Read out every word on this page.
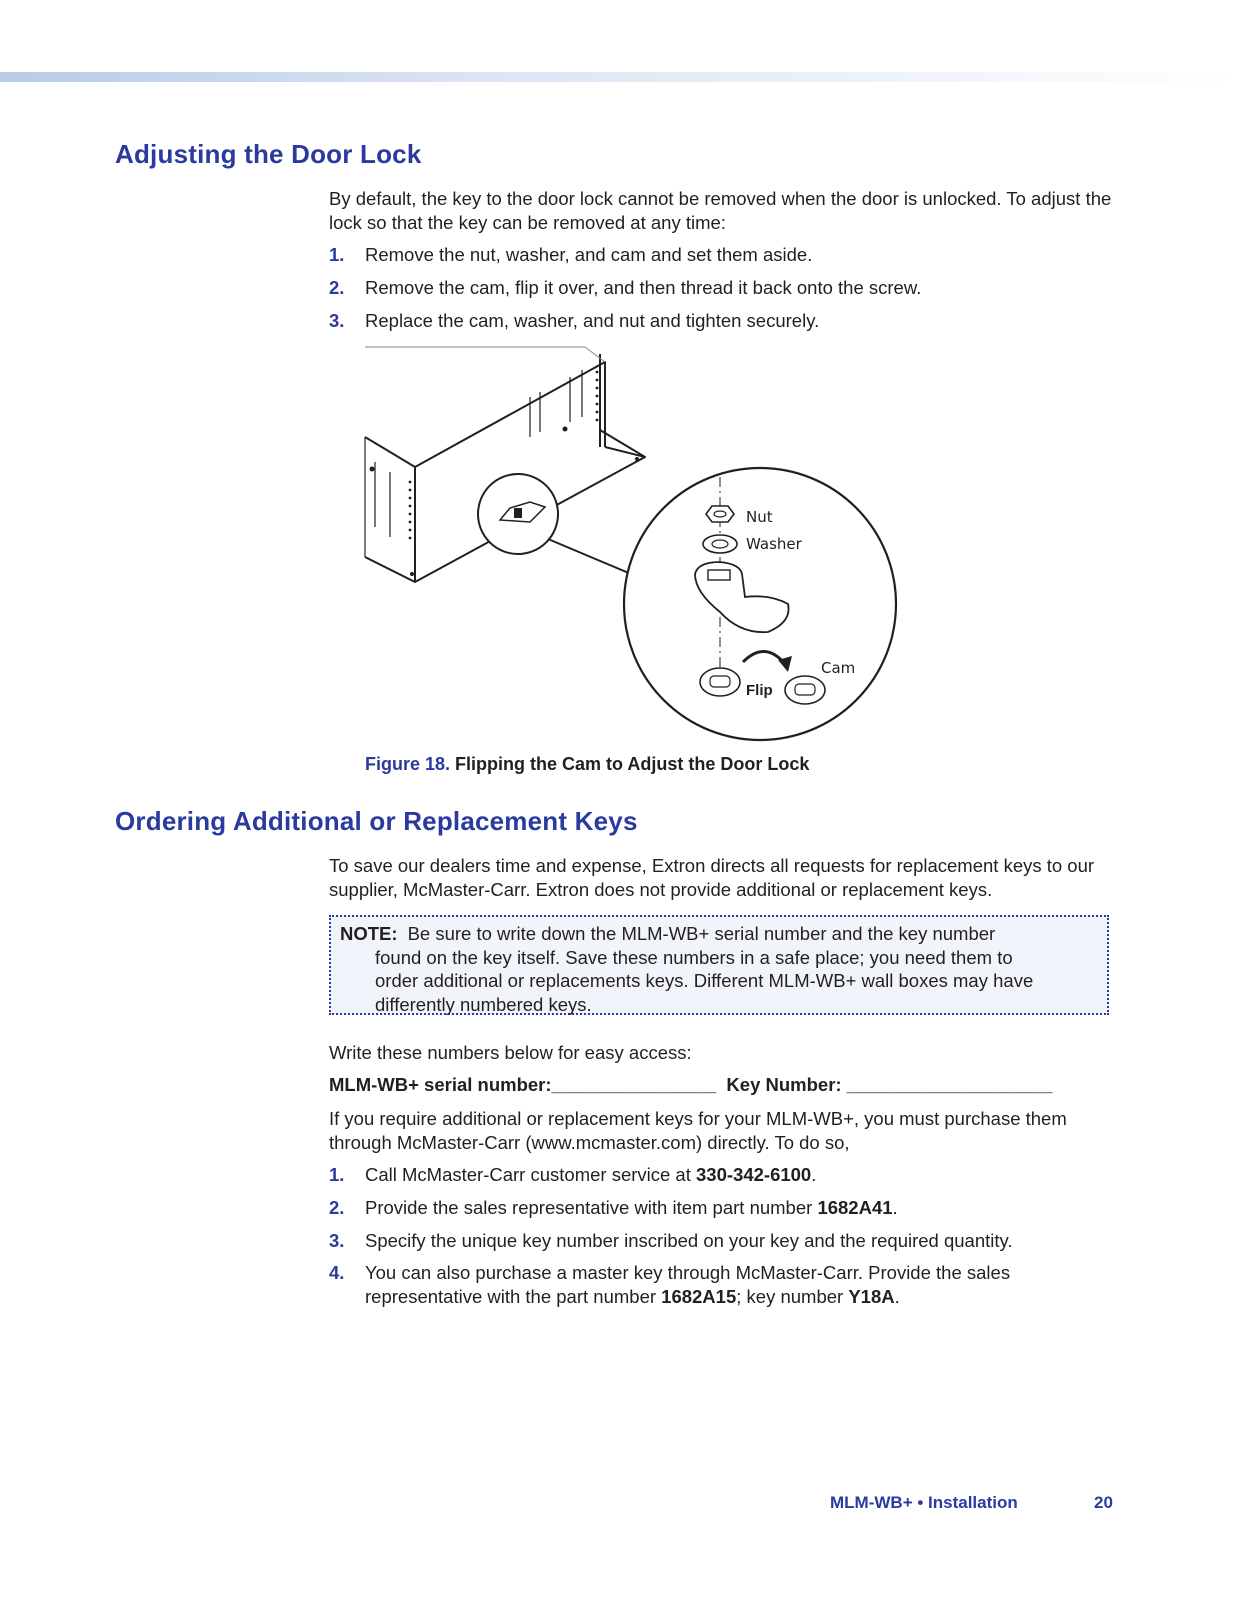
Adjusting the Door Lock

By default, the key to the door lock cannot be removed when the door is unlocked. To adjust the lock so that the key can be removed at any time:

1.	Remove the nut, washer, and cam and set them aside.
2.	Remove the cam, flip it over, and then thread it back onto the screw.
3.	Replace the cam, washer, and nut and tighten securely.
Nut
Washer
Cam
Flip
Figure 18. Flipping the Cam to Adjust the Door Lock
Ordering Additional or Replacement Keys

To save our dealers time and expense, Extron directs all requests for replacement keys to our supplier, McMaster-Carr. Extron does not provide additional or replacement keys.

NOTE: Be sure to write down the MLM-WB+ serial number and the key number
found on the key itself. Save these numbers in a safe place; you need them to
order additional or replacements keys. Different MLM-WB+ wall boxes may have
differently numbered keys.

Write these numbers below for easy access:

MLM-WB+ serial number:________________  Key Number: ____________________

If you require additional or replacement keys for your MLM-WB+, you must purchase them through McMaster-Carr (www.mcmaster.com) directly. To do so,

1.	Call McMaster-Carr customer service at 330-342-6100.
2.	Provide the sales representative with item part number 1682A41.
3.	Specify the unique key number inscribed on your key and the required quantity.
4.	You can also purchase a master key through McMaster-Carr. Provide the sales representative with the part number 1682A15; key number Y18A.
MLM-WB+ • Installation	20
